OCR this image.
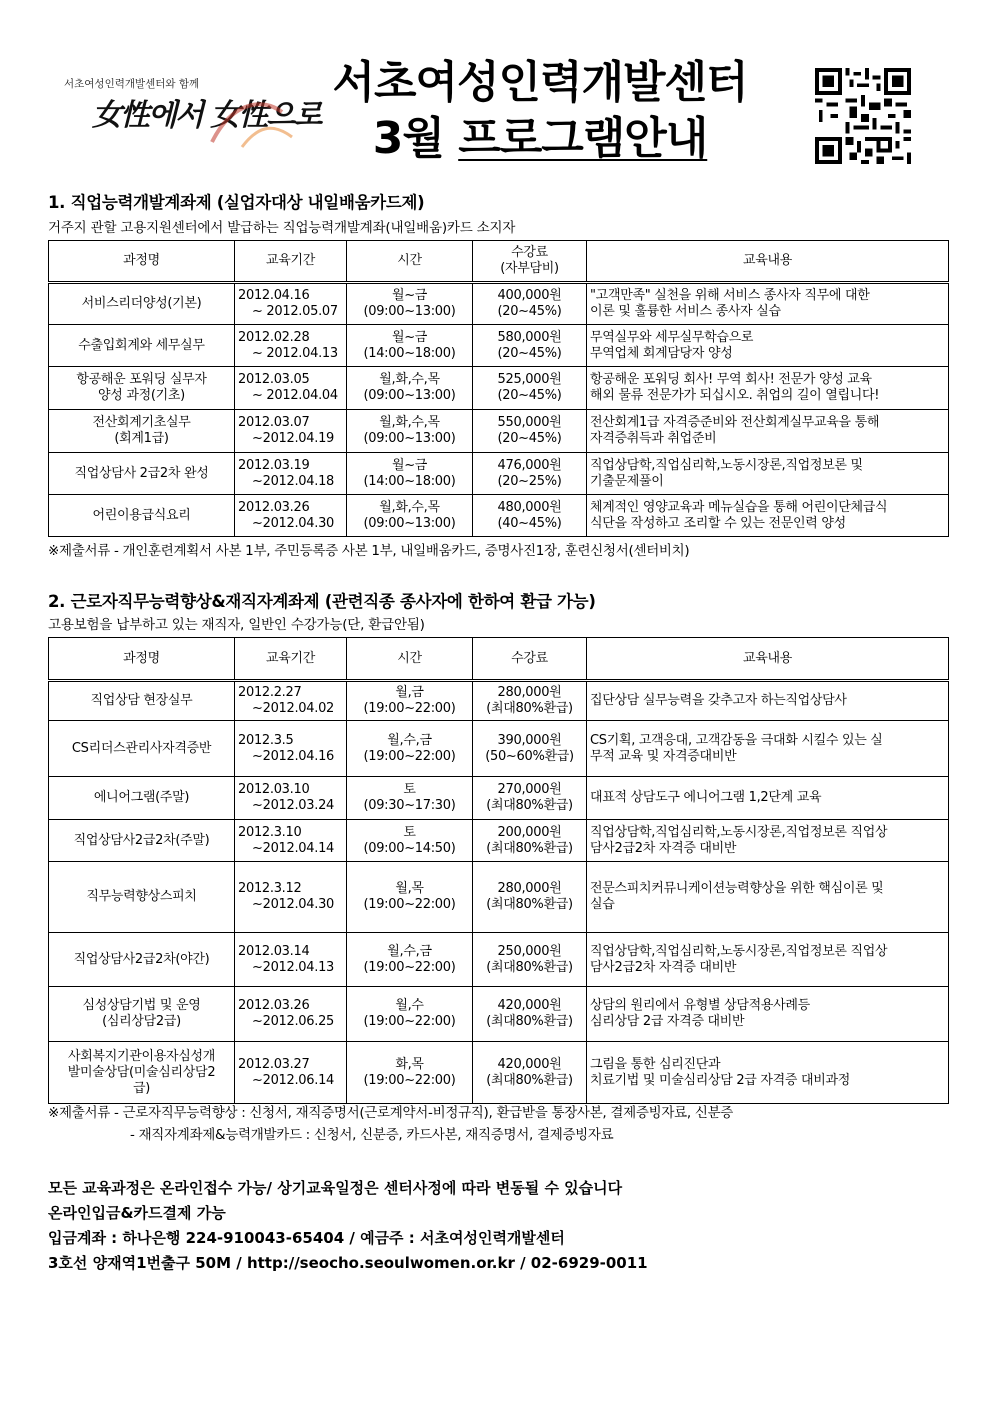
서초여성인력개발센터와 함께
女性에서 女性으로
서초여성인력개발센터
3월 프로그램안내
1. 직업능력개발계좌제 (실업자대상 내일배움카드제)
거주지 관할 고용지원센터에서 발급하는 직업능력개발계좌(내일배움)카드 소지자
과정명	교육기간	시간	수강료
(자부담비)	교육내용
서비스리더양성(기본)	2012.04.16
~ 2012.05.07	월~금
(09:00~13:00)	400,000원
(20~45%)	"고객만족" 실천을 위해 서비스 종사자 직무에 대한
이론 및 훌륭한 서비스 종사자 실습
수출입회계와 세무실무	2012.02.28
~ 2012.04.13	월~금
(14:00~18:00)	580,000원
(20~45%)	무역실무와 세무실무학습으로
무역업체 회계담당자 양성
항공해운 포워딩 실무자
양성 과정(기초)	2012.03.05
~ 2012.04.04	월,화,수,목
(09:00~13:00)	525,000원
(20~45%)	항공해운 포워딩 회사! 무역 회사! 전문가 양성 교육
해외 물류 전문가가 되십시오. 취업의 길이 열립니다!
전산회계기초실무
(회계1급)	2012.03.07
~2012.04.19	월,화,수,목
(09:00~13:00)	550,000원
(20~45%)	전산회계1급 자격증준비와 전산회계실무교육을 통해
자격증취득과 취업준비
직업상담사 2급2차 완성	2012.03.19
~2012.04.18	월~금
(14:00~18:00)	476,000원
(20~25%)	직업상담학,직업심리학,노동시장론,직업정보론 및
기출문제풀이
어린이용급식요리	2012.03.26
~2012.04.30	월,화,수,목
(09:00~13:00)	480,000원
(40~45%)	체계적인 영양교육과 메뉴실습을 통해 어린이단체급식
식단을 작성하고 조리할 수 있는 전문인력 양성
※제출서류 - 개인훈련계획서 사본 1부, 주민등록증 사본 1부, 내일배움카드, 증명사진1장, 훈련신청서(센터비치)
2. 근로자직무능력향상&재직자계좌제 (관련직종 종사자에 한하여 환급 가능)
고용보험을 납부하고 있는 재직자, 일반인 수강가능(단, 환급안됨)
과정명	교육기간	시간	수강료	교육내용
직업상담 현장실무	2012.2.27
~2012.04.02	월,금
(19:00~22:00)	280,000원
(최대80%환급)	집단상담 실무능력을 갖추고자 하는직업상담사
CS리더스관리사자격증반	2012.3.5
~2012.04.16	월,수,금
(19:00~22:00)	390,000원
(50~60%환급)	CS기획, 고객응대, 고객감동을 극대화 시킬수 있는 실
무적 교육 및 자격증대비반
에니어그램(주말)	2012.03.10
~2012.03.24	토
(09:30~17:30)	270,000원
(최대80%환급)	대표적 상담도구 에니어그램 1,2단계 교육
직업상담사2급2차(주말)	2012.3.10
~2012.04.14	토
(09:00~14:50)	200,000원
(최대80%환급)	직업상담학,직업심리학,노동시장론,직업정보론 직업상
담사2급2차 자격증 대비반
직무능력향상스피치	2012.3.12
~2012.04.30	월,목
(19:00~22:00)	280,000원
(최대80%환급)	전문스피치커뮤니케이션능력향상을 위한 핵심이론 및
실습
직업상담사2급2차(야간)	2012.03.14
~2012.04.13	월,수,금
(19:00~22:00)	250,000원
(최대80%환급)	직업상담학,직업심리학,노동시장론,직업정보론 직업상
담사2급2차 자격증 대비반
심성상담기법 및 운영
(심리상담2급)	2012.03.26
~2012.06.25	월,수
(19:00~22:00)	420,000원
(최대80%환급)	상담의 원리에서 유형별 상담적용사례등
심리상담 2급 자격증 대비반
사회복지기관이용자심성개
발미술상담(미술심리상담2
급)	2012.03.27
~2012.06.14	화,목
(19:00~22:00)	420,000원
(최대80%환급)	그림을 통한 심리진단과
치료기법 및 미술심리상담 2급 자격증 대비과정
※제출서류 - 근로자직무능력향상 : 신청서, 재직증명서(근로계약서-비정규직), 환급받을 통장사본, 결제증빙자료, 신분증
- 재직자계좌제&능력개발카드 : 신청서, 신분증, 카드사본, 재직증명서, 결제증빙자료
모든 교육과정은 온라인접수 가능/ 상기교육일정은 센터사정에 따라 변동될 수 있습니다
온라인입금&카드결제 가능
입금계좌 : 하나은행 224-910043-65404 / 예금주 : 서초여성인력개발센터
3호선 양재역1번출구 50M / http://seocho.seoulwomen.or.kr / 02-6929-0011
